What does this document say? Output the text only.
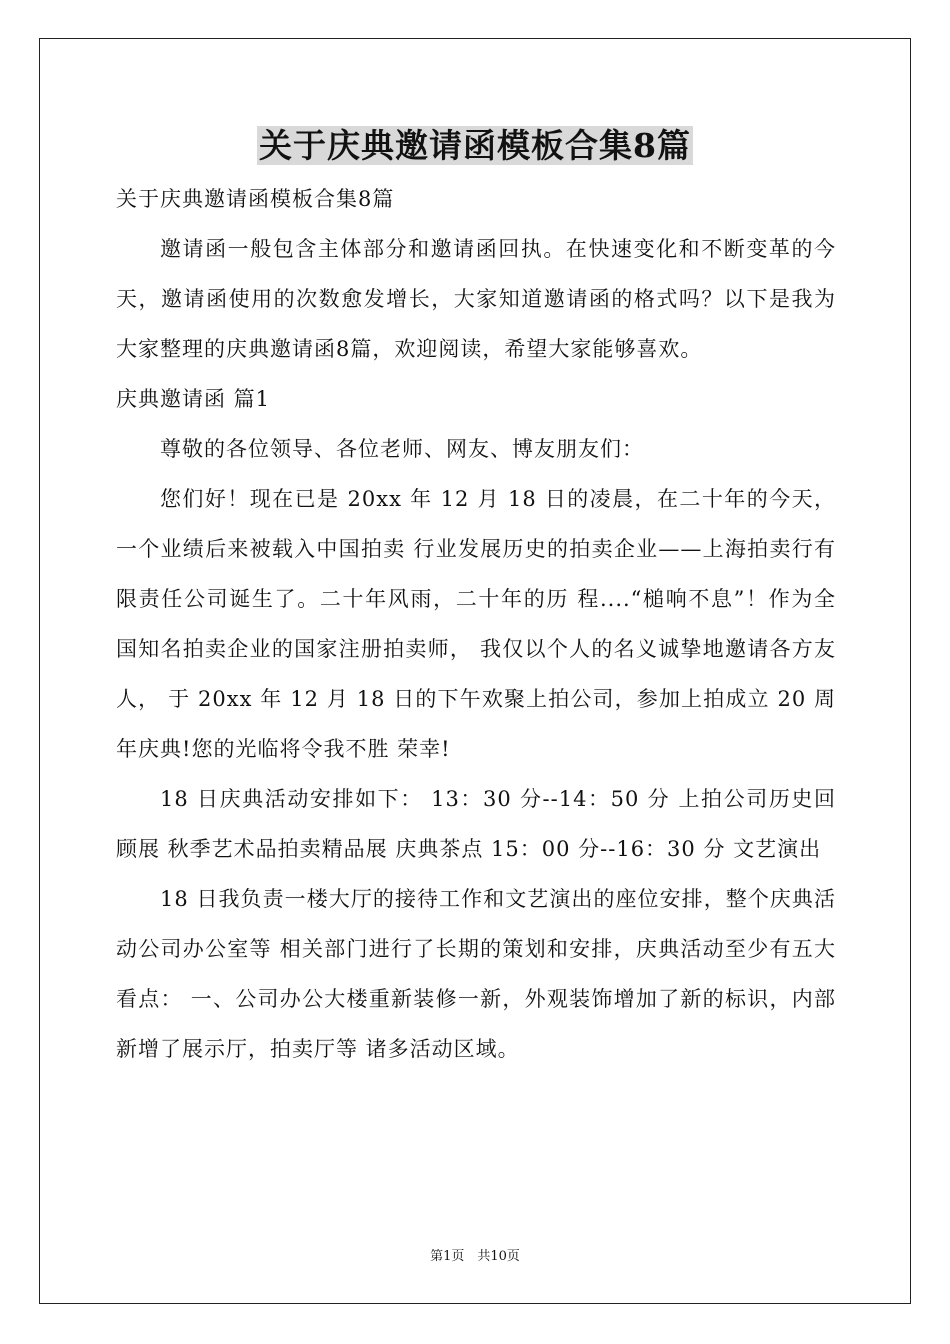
关于庆典邀请函模板合集8篇

关于庆典邀请函模板合集8篇

邀请函一般包含主体部分和邀请函回执。在快速变化和不断变革的今天，邀请函使用的次数愈发增长，大家知道邀请函的格式吗？以下是我为大家整理的庆典邀请函8篇，欢迎阅读，希望大家能够喜欢。

庆典邀请函 篇1

尊敬的各位领导、各位老师、网友、博友朋友们：

您们好！现在已是 20xx 年 12 月 18 日的凌晨，在二十年的今天，一个业绩后来被载入中国拍卖 行业发展历史的拍卖企业——上海拍卖行有限责任公司诞生了。二十年风雨，二十年的历 程....“槌响不息”！作为全国知名拍卖企业的国家注册拍卖师， 我仅以个人的名义诚挚地邀请各方友人， 于 20xx 年 12 月 18 日的下午欢聚上拍公司，参加上拍成立 20 周年庆典!您的光临将令我不胜 荣幸!

18 日庆典活动安排如下： 13：30 分--14：50 分 上拍公司历史回顾展 秋季艺术品拍卖精品展 庆典茶点 15：00 分--16：30 分 文艺演出

18 日我负责一楼大厅的接待工作和文艺演出的座位安排，整个庆典活动公司办公室等 相关部门进行了长期的策划和安排，庆典活动至少有五大看点： 一、公司办公大楼重新装修一新，外观装饰增加了新的标识，内部新增了展示厅，拍卖厅等 诸多活动区域。

第1页　共10页
